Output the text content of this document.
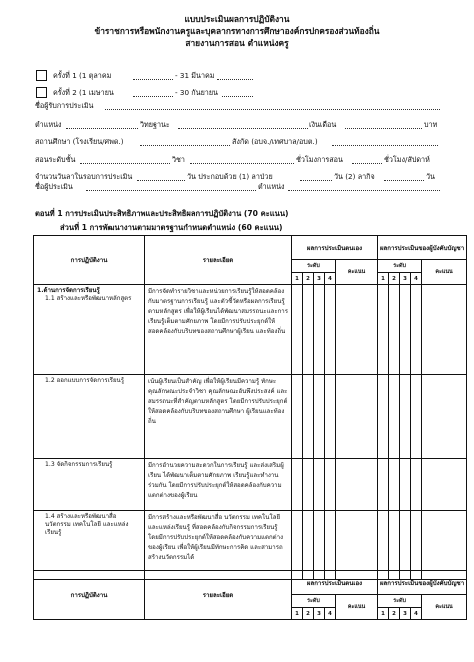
แบบประเมินผลการปฏิบัติงาน
ข้าราชการหรือพนักงานครูและบุคลากรทางการศึกษาองค์กรปกครองส่วนท้องถิ่น
สายงานการสอน ตำแหน่งครู
ครั้งที่ 1 (1 ตุลาคม	- 31 มีนาคม
ครั้งที่ 2 (1 เมษายน	- 30 กันยายน
ชื่อผู้รับการประเมิน
ตำแหน่ง	วิทยฐานะ	เงินเดือน	บาท
สถานศึกษา (โรงเรียน/ศพด.)	สังกัด (อบจ./เทศบาล/อบต.)
สอนระดับชั้น	วิชา	ชั่วโมงการสอน	ชั่วโมง/สัปดาห์
จำนวนวันลาในรอบการประเมิน	วัน ประกอบด้วย (1) ลาป่วย	วัน (2) ลากิจ	วัน
ชื่อผู้ประเมิน	ตำแหน่ง
ตอนที่ 1 การประเมินประสิทธิภาพและประสิทธิผลการปฏิบัติงาน (70 คะแนน)
ส่วนที่ 1 การพัฒนางานตามมาตรฐานกำหนดตำแหน่ง (60 คะแนน)
การปฏิบัติงาน	รายละเอียด	ผลการประเมินตนเอง					ผลการประเมินของผู้บังคับบัญชา				
		ระดับ				คะแนน	ระดับ				คะแนน
		1	2	3	4		1	2	3	4	

1.ด้านการจัดการเรียนรู้
1.1 สร้างและหรือพัฒนาหลักสูตร	มีการจัดทำรายวิชาและหน่วยการเรียนรู้ให้สอดคล้องกับมาตรฐานการเรียนรู้ และตัวชี้วัดหรือผลการเรียนรู้ตามหลักสูตร เพื่อให้ผู้เรียนได้พัฒนาสมรรถนะและการเรียนรู้เต็มตามศักยภาพ โดยมีการปรับประยุกต์ให้สอดคล้องกับบริบทของสถานศึกษาผู้เรียน และท้องถิ่น										

1.2 ออกแบบการจัดการเรียนรู้	เน้นผู้เรียนเป็นสำคัญ เพื่อให้ผู้เรียนมีความรู้ ทักษะ คุณลักษณะประจำวิชา คุณลักษณะอันพึงประสงค์ และสมรรถนะที่สำคัญตามหลักสูตร โดยมีการปรับประยุกต์ให้สอดคล้องกับบริบทของสถานศึกษา ผู้เรียนและท้องถิ่น										

1.3 จัดกิจกรรมการเรียนรู้	มีการอำนวยความสะดวกในการเรียนรู้ และส่งเสริมผู้เรียน ได้พัฒนาเต็มตามศักยภาพ เรียนรู้และทำงานร่วมกัน โดยมีการปรับประยุกต์ให้สอดคล้องกับความแตกต่างของผู้เรียน										

1.4 สร้างและหรือพัฒนาสื่อ นวัตกรรม เทคโนโลยี และแหล่งเรียนรู้	มีการสร้างและหรือพัฒนาสื่อ นวัตกรรม เทคโนโลยีและแหล่งเรียนรู้ ที่สอดคล้องกับกิจกรรมการเรียนรู้ โดยมีการปรับประยุกต์ให้สอดคล้องกับความแตกต่างของผู้เรียน เพื่อให้ผู้เรียนมีทักษะการคิด และสามารถสร้างนวัตกรรมได้										
การปฏิบัติงาน	รายละเอียด	ผลการประเมินตนเอง					ผลการประเมินของผู้บังคับบัญชา				
		ระดับ				คะแนน	ระดับ				คะแนน
		1	2	3	4		1	2	3	4	
